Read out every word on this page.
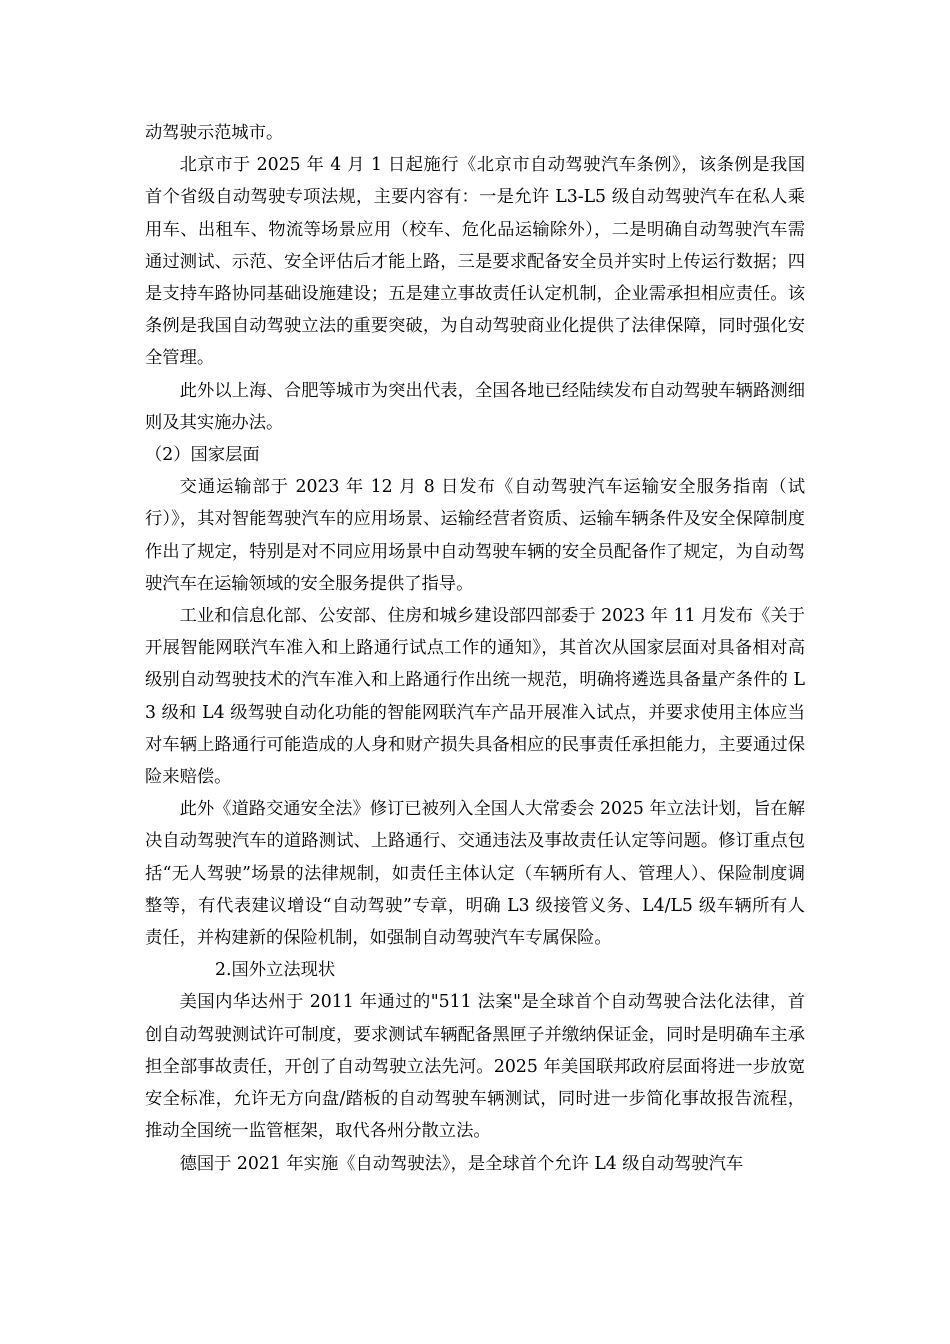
动驾驶示范城市。

北京市于 2025 年 4 月 1 日起施行《北京市自动驾驶汽车条例》，该条例是我国首个省级自动驾驶专项法规，主要内容有：一是允许 L3-L5 级自动驾驶汽车在私人乘用车、出租车、物流等场景应用（校车、危化品运输除外），二是明确自动驾驶汽车需通过测试、示范、安全评估后才能上路，三是要求配备安全员并实时上传运行数据；四是支持车路协同基础设施建设；五是建立事故责任认定机制，企业需承担相应责任。该条例是我国自动驾驶立法的重要突破，为自动驾驶商业化提供了法律保障，同时强化安全管理。

此外以上海、合肥等城市为突出代表，全国各地已经陆续发布自动驾驶车辆路测细则及其实施办法。

（2）国家层面

交通运输部于 2023 年 12 月 8 日发布《自动驾驶汽车运输安全服务指南（试行）》，其对智能驾驶汽车的应用场景、运输经营者资质、运输车辆条件及安全保障制度作出了规定，特别是对不同应用场景中自动驾驶车辆的安全员配备作了规定，为自动驾驶汽车在运输领域的安全服务提供了指导。

工业和信息化部、公安部、住房和城乡建设部四部委于 2023 年 11 月发布《关于开展智能网联汽车准入和上路通行试点工作的通知》，其首次从国家层面对具备相对高级别自动驾驶技术的汽车准入和上路通行作出统一规范，明确将遴选具备量产条件的 L3 级和 L4 级驾驶自动化功能的智能网联汽车产品开展准入试点，并要求使用主体应当对车辆上路通行可能造成的人身和财产损失具备相应的民事责任承担能力，主要通过保险来赔偿。

此外《道路交通安全法》修订已被列入全国人大常委会 2025 年立法计划，旨在解决自动驾驶汽车的道路测试、上路通行、交通违法及事故责任认定等问题。修订重点包括“无人驾驶”场景的法律规制，如责任主体认定（车辆所有人、管理人）、保险制度调整等，有代表建议增设“自动驾驶”专章，明确 L3 级接管义务、L4/L5 级车辆所有人责任，并构建新的保险机制，如强制自动驾驶汽车专属保险。

2.国外立法现状

美国内华达州于 2011 年通过的"511 法案"是全球首个自动驾驶合法化法律，首创自动驾驶测试许可制度，要求测试车辆配备黑匣子并缴纳保证金，同时是明确车主承担全部事故责任，开创了自动驾驶立法先河。2025 年美国联邦政府层面将进一步放宽安全标准，允许无方向盘/踏板的自动驾驶车辆测试，同时进一步简化事故报告流程，推动全国统一监管框架，取代各州分散立法。

德国于 2021 年实施《自动驾驶法》，是全球首个允许 L4 级自动驾驶汽车
